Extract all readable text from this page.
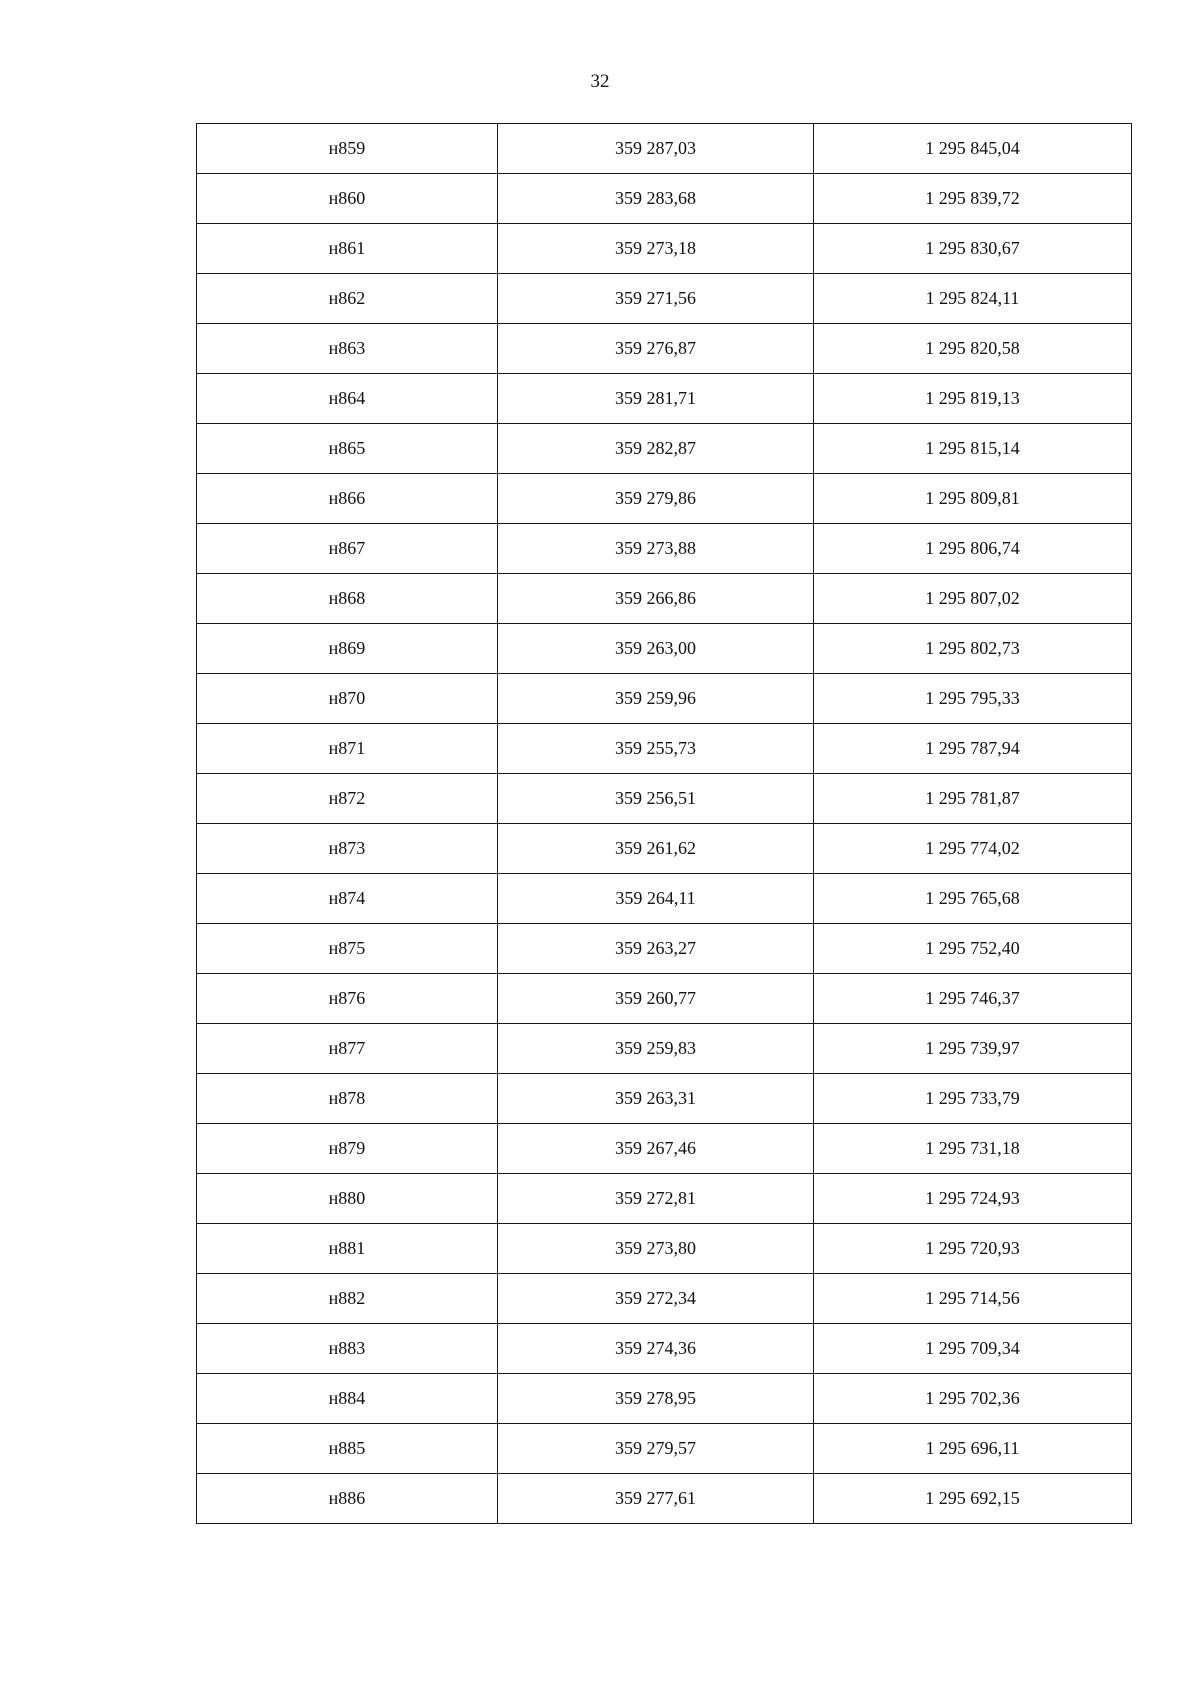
32
н859	359 287,03	1 295 845,04
н860	359 283,68	1 295 839,72
н861	359 273,18	1 295 830,67
н862	359 271,56	1 295 824,11
н863	359 276,87	1 295 820,58
н864	359 281,71	1 295 819,13
н865	359 282,87	1 295 815,14
н866	359 279,86	1 295 809,81
н867	359 273,88	1 295 806,74
н868	359 266,86	1 295 807,02
н869	359 263,00	1 295 802,73
н870	359 259,96	1 295 795,33
н871	359 255,73	1 295 787,94
н872	359 256,51	1 295 781,87
н873	359 261,62	1 295 774,02
н874	359 264,11	1 295 765,68
н875	359 263,27	1 295 752,40
н876	359 260,77	1 295 746,37
н877	359 259,83	1 295 739,97
н878	359 263,31	1 295 733,79
н879	359 267,46	1 295 731,18
н880	359 272,81	1 295 724,93
н881	359 273,80	1 295 720,93
н882	359 272,34	1 295 714,56
н883	359 274,36	1 295 709,34
н884	359 278,95	1 295 702,36
н885	359 279,57	1 295 696,11
н886	359 277,61	1 295 692,15
